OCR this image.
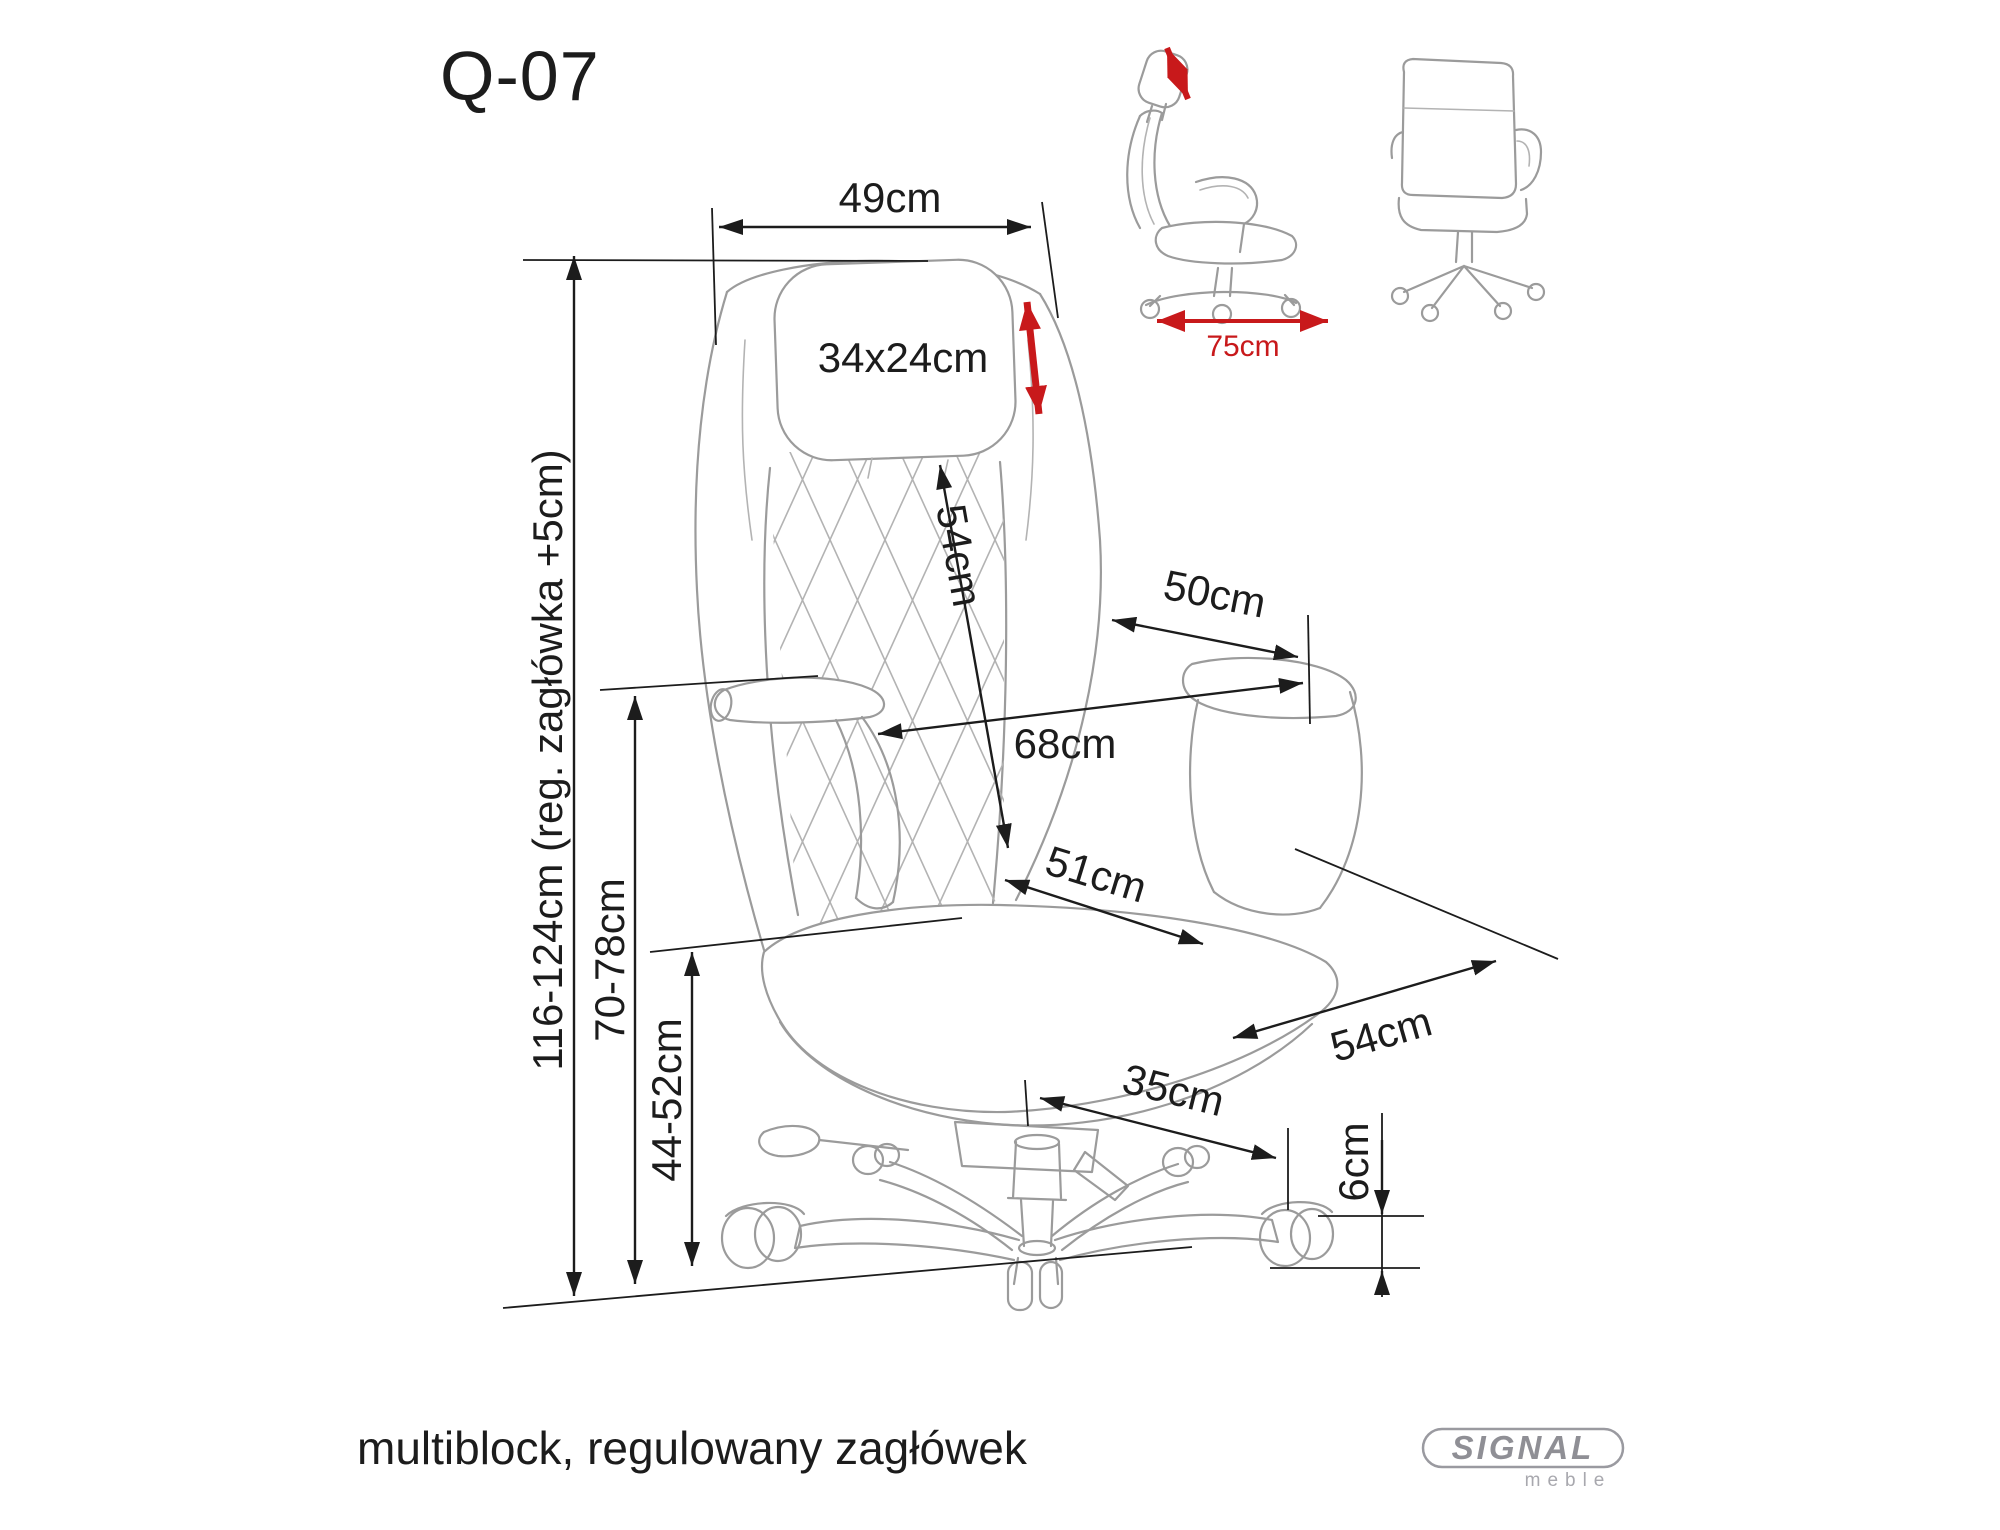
49cm
34x24cm
116-124cm (reg. zagłówka +5cm) 70-78cm
44-52cm
54cm	50cm
68cm
51cm
54cm
35cm
6cm
75cm
Q-07
multiblock, regulowany zagłówek	SIGNAL
meble
